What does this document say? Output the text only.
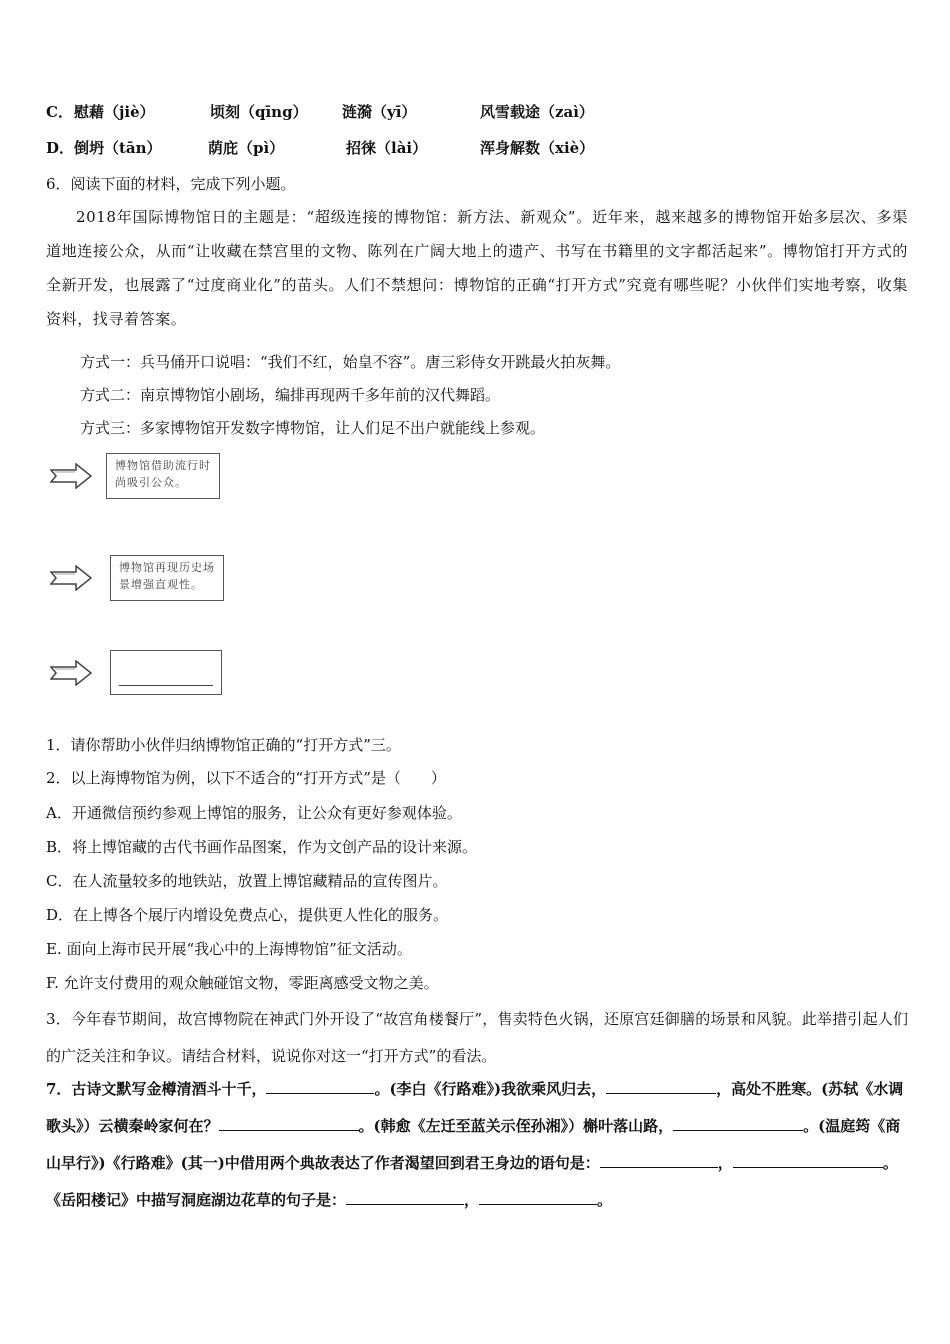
C． 慰藉（jiè）	顷刻（qīng） 涟漪（yī）	风雪载途（zaì）
D． 倒坍（tān）	荫庇（pì）	招徕（lài）	浑身解数（xiè）
6．阅读下面的材料，完成下列小题。
2018年国际博物馆日的主题是：“超级连接的博物馆：新方法、新观众”。近年来，越来越多的博物馆开始多层次、多渠道地连接公众，从而“让收藏在禁宫里的文物、陈列在广阔大地上的遗产、书写在书籍里的文字都活起来”。博物馆打开方式的全新开发，也展露了“过度商业化”的苗头。人们不禁想问：博物馆的正确“打开方式”究竟有哪些呢？小伙伴们实地考察，收集资料，找寻着答案。
方式一：兵马俑开口说唱：“我们不红，始皇不容”。唐三彩侍女开跳最火拍灰舞。
方式二：南京博物馆小剧场，编排再现两千多年前的汉代舞蹈。
方式三：多家博物馆开发数字博物馆，让人们足不出户就能线上参观。
博物馆借助流行时尚吸引公众。
博物馆再现历史场景增强直观性。
1．请你帮助小伙伴归纳博物馆正确的“打开方式”三。
2．以上海博物馆为例，以下不适合的“打开方式”是（　　）
A．开通微信预约参观上博馆的服务，让公众有更好参观体验。
B．将上博馆藏的古代书画作品图案，作为文创产品的设计来源。
C．在人流量较多的地铁站，放置上博馆藏精品的宣传图片。
D．在上博各个展厅内增设免费点心，提供更人性化的服务。
E. 面向上海市民开展“我心中的上海博物馆”征文活动。
F. 允许支付费用的观众触碰馆文物，零距离感受文物之美。
3．今年春节期间，故宫博物院在神武门外开设了“故宫角楼餐厅”，售卖特色火锅，还原宫廷御膳的场景和风貌。此举措引起人们的广泛关注和争议。请结合材料，说说你对这一“打开方式”的看法。
7．古诗文默写金樽清酒斗十千，	。(李白《行路难》)我欲乘风归去，	，高处不胜寒。(苏轼《水调歌头》）云横秦岭家何在？	。(韩愈《左迁至蓝关示侄孙湘》）槲叶落山路，	。(温庭筠《商山早行》)《行路难》(其一)中借用两个典故表达了作者渴望回到君王身边的语句是：	，	。《岳阳楼记》中描写洞庭湖边花草的句子是：	，	。
